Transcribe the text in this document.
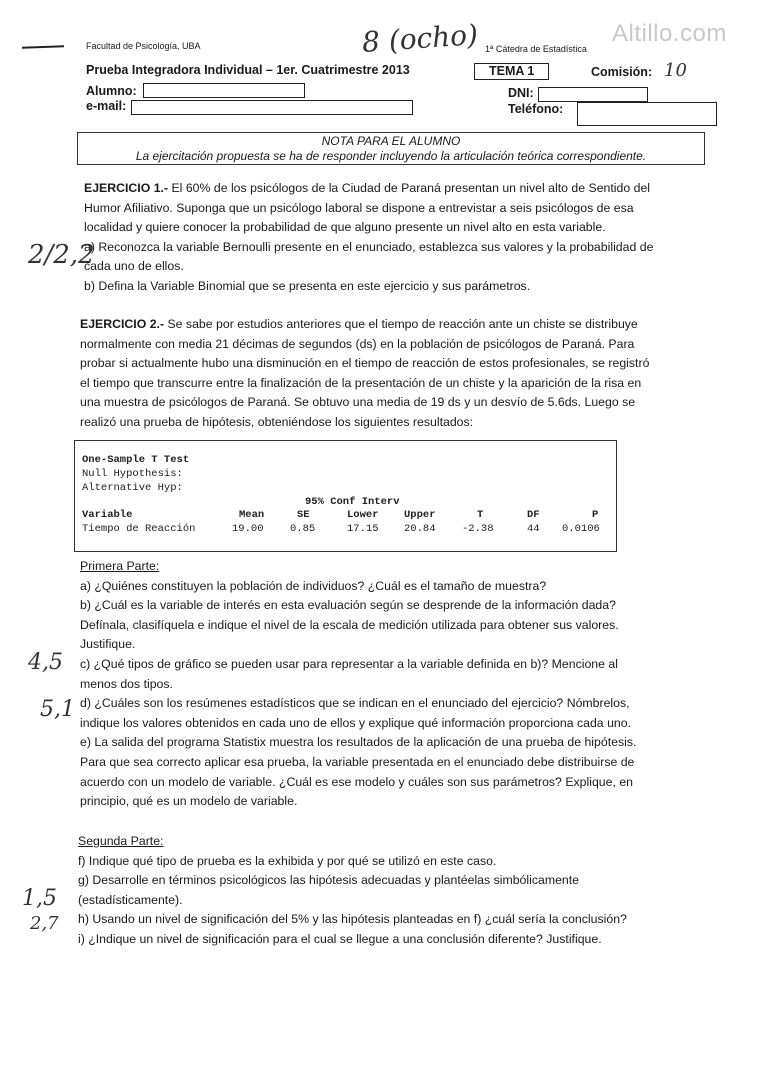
Facultad de Psicología, UBA	1ª Cátedra de Estadística
Altillo.com
8 (ocho)
Prueba Integradora Individual – 1er. Cuatrimestre 2013	TEMA 1	Comisión: 10
Alumno:
e-mail:
DNI:
Teléfono:
NOTA PARA EL ALUMNO
La ejercitación propuesta se ha de responder incluyendo la articulación teórica correspondiente.
2/2,2
4,5
5,1
1,5
2,7

EJERCICIO 1.- El 60% de los psicólogos de la Ciudad de Paraná presentan un nivel alto de Sentido del

Humor Afiliativo. Suponga que un psicólogo laboral se dispone a entrevistar a seis psicólogos de esa

localidad y quiere conocer la probabilidad de que alguno presente un nivel alto en esta variable.

a) Reconozca la variable Bernoulli presente en el enunciado, establezca sus valores y la probabilidad de

cada uno de ellos.

b) Defina la Variable Binomial que se presenta en este ejercicio y sus parámetros.

EJERCICIO 2.- Se sabe por estudios anteriores que el tiempo de reacción ante un chiste se distribuye

normalmente con media 21 décimas de segundos (ds) en la población de psicólogos de Paraná. Para

probar si actualmente hubo una disminución en el tiempo de reacción de estos profesionales, se registró

el tiempo que transcurre entre la finalización de la presentación de un chiste y la aparición de la risa en

una muestra de psicólogos de Paraná. Se obtuvo una media de 19 ds y un desvío de 5.6ds. Luego se

realizó una prueba de hipótesis, obteniéndose los siguientes resultados:

One-Sample T Test
Null Hypothesis:
Alternative Hyp:
95% Conf Interv
Variable	Mean	SE	Lower Upper	T	DF	P
Tiempo de Reacción	19.00	0.85	17.15 20.84	-2.38	44 0.0106

Primera Parte:

a) ¿Quiénes constituyen la población de individuos? ¿Cuál es el tamaño de muestra?

b) ¿Cuál es la variable de interés en esta evaluación según se desprende de la información dada?

Defínala, clasifíquela e indique el nivel de la escala de medición utilizada para obtener sus valores.

Justifique.

c) ¿Qué tipos de gráfico se pueden usar para representar a la variable definida en b)? Mencione al

menos dos tipos.

d) ¿Cuáles son los resúmenes estadísticos que se indican en el enunciado del ejercicio? Nómbrelos,

indique los valores obtenidos en cada uno de ellos y explique qué información proporciona cada uno.

e) La salida del programa Statistix muestra los resultados de la aplicación de una prueba de hipótesis.

Para que sea correcto aplicar esa prueba, la variable presentada en el enunciado debe distribuirse de

acuerdo con un modelo de variable. ¿Cuál es ese modelo y cuáles son sus parámetros? Explique, en

principio, qué es un modelo de variable.

Segunda Parte:

f) Indique qué tipo de prueba es la exhibida y por qué se utilizó en este caso.

g) Desarrolle en términos psicológicos las hipótesis adecuadas y plantéelas simbólicamente

(estadísticamente).

h) Usando un nivel de significación del 5% y las hipótesis planteadas en f) ¿cuál sería la conclusión?

i) ¿Indique un nivel de significación para el cual se llegue a una conclusión diferente? Justifique.
